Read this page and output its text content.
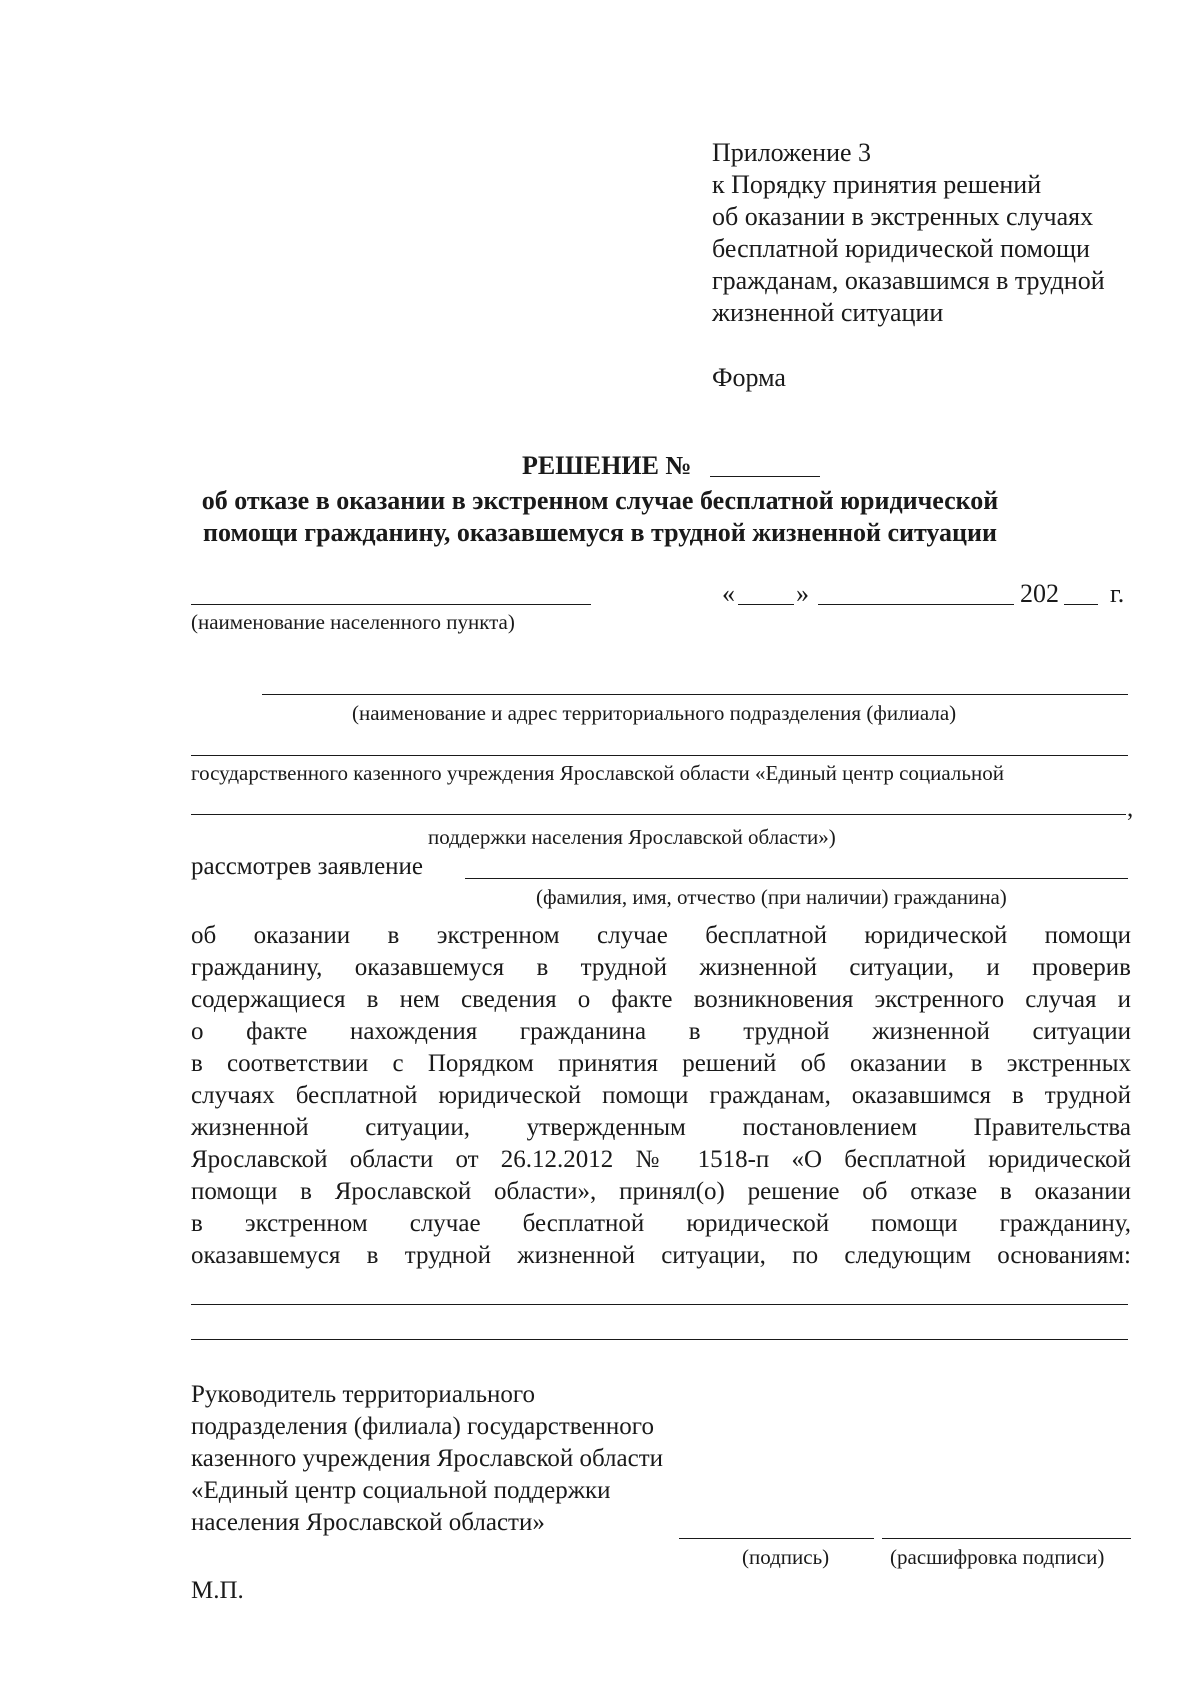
Приложение 3
к Порядку принятия решений
об оказании в экстренных случаях
бесплатной юридической помощи
гражданам, оказавшимся в трудной
жизненной ситуации
Форма
РЕШЕНИЕ №
об отказе в оказании в экстренном случае бесплатной юридической
помощи гражданину, оказавшемуся в трудной жизненной ситуации
(наименование населенного пункта)
« »	202 г.
(наименование и адрес территориального подразделения (филиала)
государственного казенного учреждения Ярославской области «Единый центр социальной
,
поддержки населения Ярославской области»)
рассмотрев заявление
(фамилия, имя, отчество (при наличии) гражданина)
об оказании в экстренном случае бесплатной юридической помощи
гражданину, оказавшемуся в трудной жизненной ситуации, и проверив
содержащиеся в нем сведения о факте возникновения экстренного случая и
о факте нахождения гражданина в трудной жизненной ситуации
в соответствии с Порядком принятия решений об оказании в экстренных
случаях бесплатной юридической помощи гражданам, оказавшимся в трудной
жизненной ситуации, утвержденным постановлением Правительства
Ярославской области от 26.12.2012 № 1518-п «О бесплатной юридической
помощи в Ярославской области», принял(о) решение об отказе в оказании
в экстренном случае бесплатной юридической помощи гражданину,
оказавшемуся в трудной жизненной ситуации, по следующим основаниям:
Руководитель территориального
подразделения (филиала) государственного
казенного учреждения Ярославской области
«Единый центр социальной поддержки
населения Ярославской области»
(подпись)	(расшифровка подписи)
М.П.
